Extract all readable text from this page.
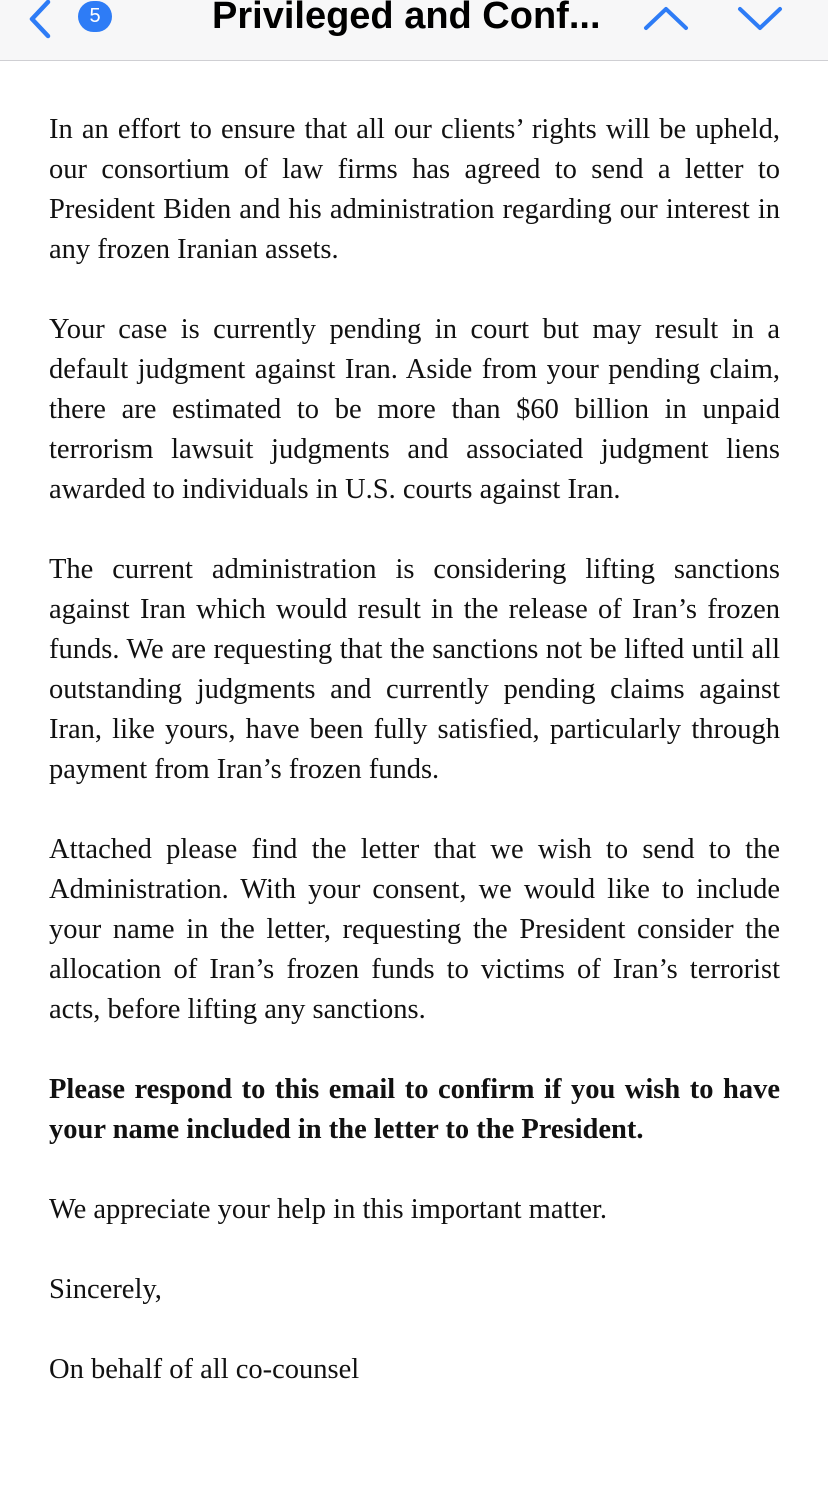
5	Privileged and Conf...

In an effort to ensure that all our clients’ rights will be upheld, our consortium of law firms has agreed to send a letter to President Biden and his administration regarding our interest in any frozen Iranian assets.

Your case is currently pending in court but may result in a default judgment against Iran. Aside from your pending claim, there are estimated to be more than $60 billion in unpaid terrorism lawsuit judgments and associated judgment liens awarded to individuals in U.S. courts against Iran.

The current administration is considering lifting sanctions against Iran which would result in the release of Iran’s frozen funds. We are requesting that the sanctions not be lifted until all outstanding judgments and currently pending claims against Iran, like yours, have been fully satisfied, particularly through payment from Iran’s frozen funds.

Attached please find the letter that we wish to send to the Administration. With your consent, we would like to include your name in the letter, requesting the President consider the allocation of Iran’s frozen funds to victims of Iran’s terrorist acts, before lifting any sanctions.

Please respond to this email to confirm if you wish to have your name included in the letter to the President.

We appreciate your help in this important matter.

Sincerely,

On behalf of all co-counsel
